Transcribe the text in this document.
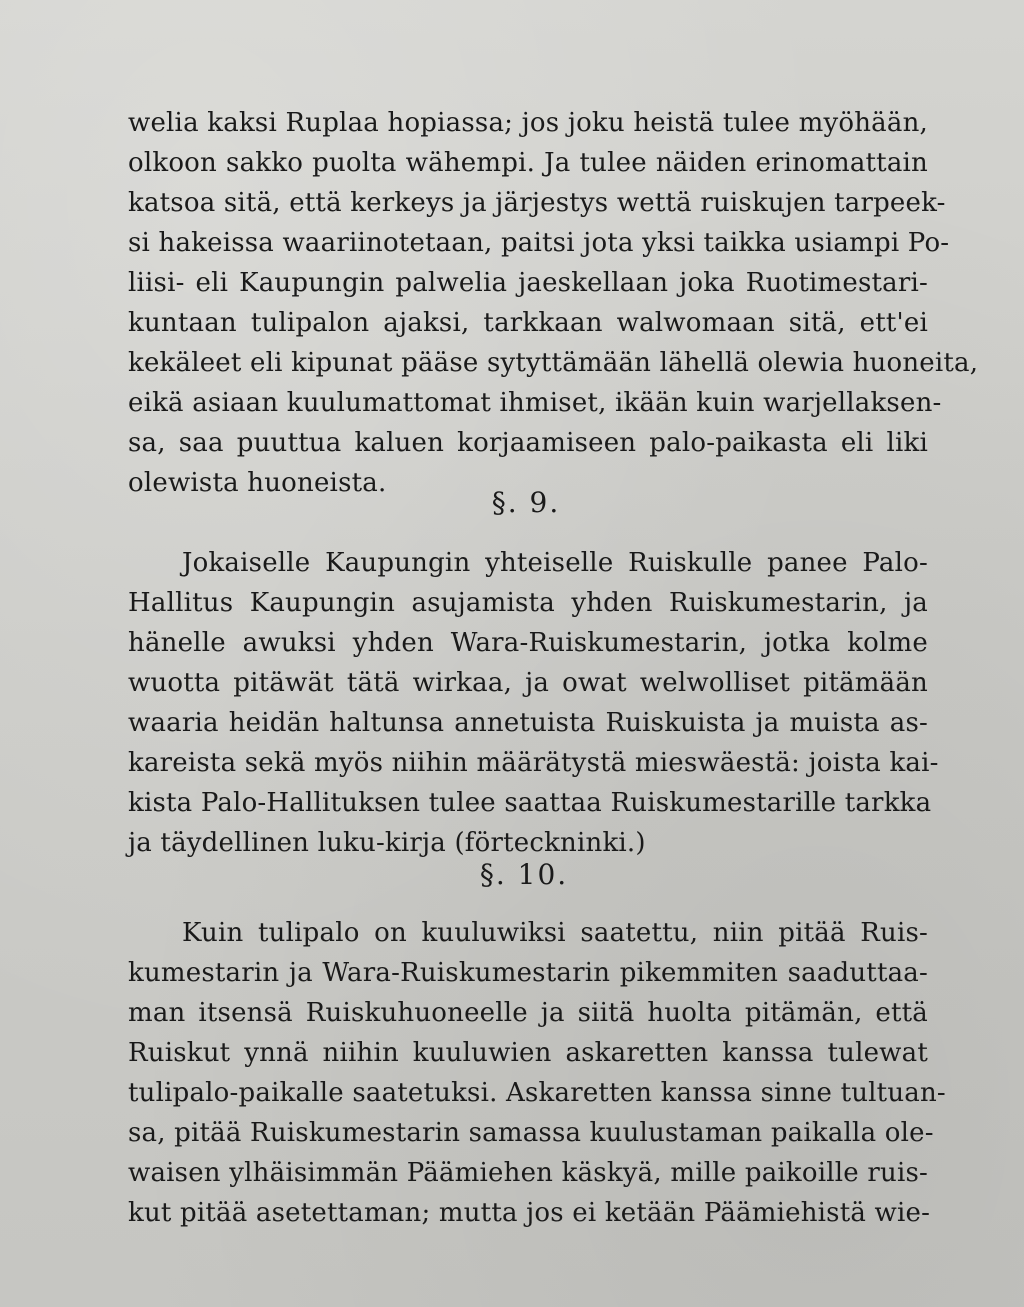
welia kaksi Ruplaa hopiassa; jos joku heistä tulee myöhään,
olkoon sakko puolta wähempi. Ja tulee näiden erinomattain
katsoa sitä, että kerkeys ja järjestys wettä ruiskujen tarpeek-
si hakeissa waariinotetaan, paitsi jota yksi taikka usiampi Po-
liisi- eli Kaupungin palwelia jaeskellaan joka Ruotimestari-
kuntaan tulipalon ajaksi, tarkkaan walwomaan sitä, ett'ei
kekäleet eli kipunat pääse sytyttämään lähellä olewia huoneita,
eikä asiaan kuulumattomat ihmiset, ikään kuin warjellaksen-
sa, saa puuttua kaluen korjaamiseen palo-paikasta eli liki
olewista huoneista.
§. 9.
Jokaiselle Kaupungin yhteiselle Ruiskulle panee Palo-
Hallitus Kaupungin asujamista yhden Ruiskumestarin, ja
hänelle awuksi yhden Wara-Ruiskumestarin, jotka kolme
wuotta pitäwät tätä wirkaa, ja owat welwolliset pitämään
waaria heidän haltunsa annetuista Ruiskuista ja muista as-
kareista sekä myös niihin määrätystä mieswäestä: joista kai-
kista Palo-Hallituksen tulee saattaa Ruiskumestarille tarkka
ja täydellinen luku-kirja (förteckninki.)
§. 10.
Kuin tulipalo on kuuluwiksi saatettu, niin pitää Ruis-
kumestarin ja Wara-Ruiskumestarin pikemmiten saaduttaa-
man itsensä Ruiskuhuoneelle ja siitä huolta pitämän, että
Ruiskut ynnä niihin kuuluwien askaretten kanssa tulewat
tulipalo-paikalle saatetuksi. Askaretten kanssa sinne tultuan-
sa, pitää Ruiskumestarin samassa kuulustaman paikalla ole-
waisen ylhäisimmän Päämiehen käskyä, mille paikoille ruis-
kut pitää asetettaman; mutta jos ei ketään Päämiehistä wie-
